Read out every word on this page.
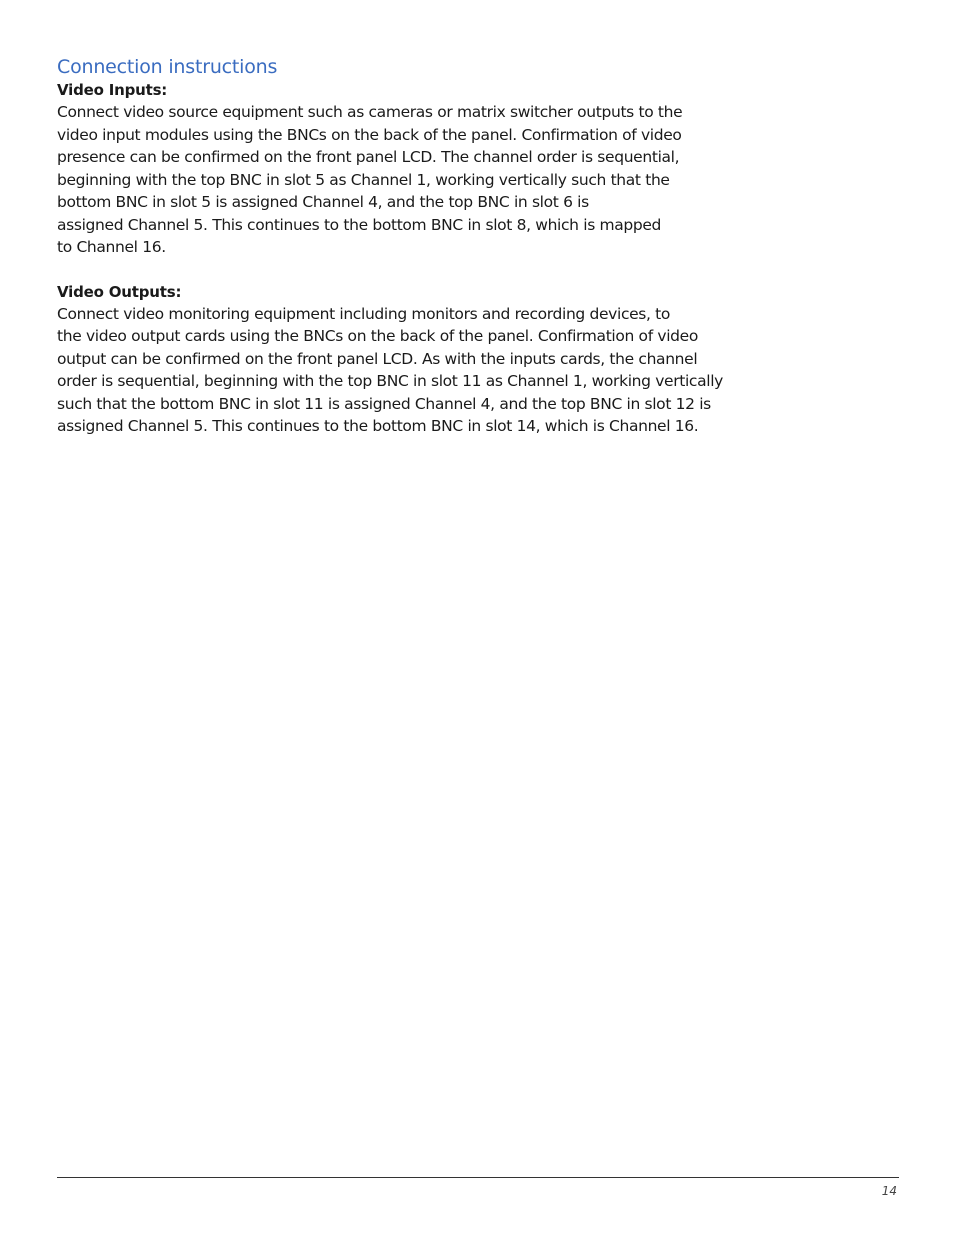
Connection instructions
Video Inputs:

Connect video source equipment such as cameras or matrix switcher outputs to the
video input modules using the BNCs on the back of the panel. Confirmation of video
presence can be confirmed on the front panel LCD. The channel order is sequential,
beginning with the top BNC in slot 5 as Channel 1, working vertically such that the
bottom BNC in slot 5 is assigned Channel 4, and the top BNC in slot 6 is
assigned Channel 5. This continues to the bottom BNC in slot 8, which is mapped
to Channel 16.

Video Outputs:

Connect video monitoring equipment including monitors and recording devices, to
the video output cards using the BNCs on the back of the panel. Confirmation of video
output can be confirmed on the front panel LCD. As with the inputs cards, the channel
order is sequential, beginning with the top BNC in slot 11 as Channel 1, working vertically
such that the bottom BNC in slot 11 is assigned Channel 4, and the top BNC in slot 12 is
assigned Channel 5. This continues to the bottom BNC in slot 14, which is Channel 16.

14
